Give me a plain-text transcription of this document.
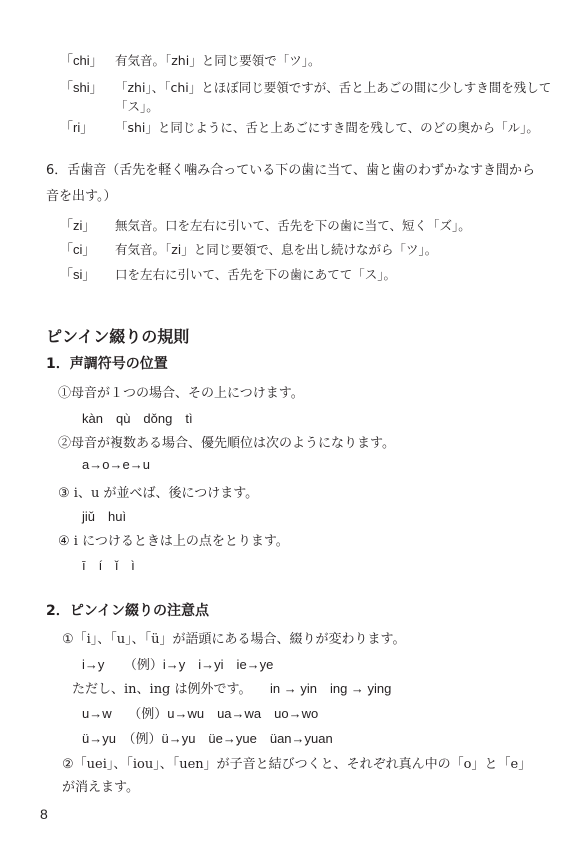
「chi」 有気音。「zhi」と同じ要領で「ツ」。
「shi」 「zhi」、「chi」とほぼ同じ要領ですが、舌と上あごの間に少しすき間を残して「ス」。
「ri」	「shi」と同じように、舌と上あごにすき間を残して、のどの奥から「ル」。
6．舌歯音（舌先を軽く噛み合っている下の歯に当て、歯と歯のわずかなすき間から音を出す。）
「zi」	無気音。口を左右に引いて、舌先を下の歯に当て、短く「ズ」。
「ci」	有気音。「zi」と同じ要領で、息を出し続けながら「ツ」。
「si」	口を左右に引いて、舌先を下の歯にあてて「ス」。
ピンイン綴りの規則
1．声調符号の位置
①母音が１つの場合、その上につけます。
kàn　qù　dǒng　tì
②母音が複数ある場合、優先順位は次のようになります。
a→o→e→u
③ i、u が並べば、後につけます。
jiǔ　huì
④ i につけるときは上の点をとります。
ī　í　ǐ　ì
2．ピンイン綴りの注意点
①「i」、「u」、「ü」が語頭にある場合、綴りが変わります。
i→y　　（例）i→y　i→yi　ie→ye
ただし、in、ing は例外です。 in → yin　ing → ying
u→w　 （例）u→wu　ua→wa　uo→wo
ü→yu　（例）ü→yu　üe→yue　üan→yuan
②「uei」、「iou」、「uen」が子音と結びつくと、それぞれ真ん中の「o」と「e」が消えます。
8
